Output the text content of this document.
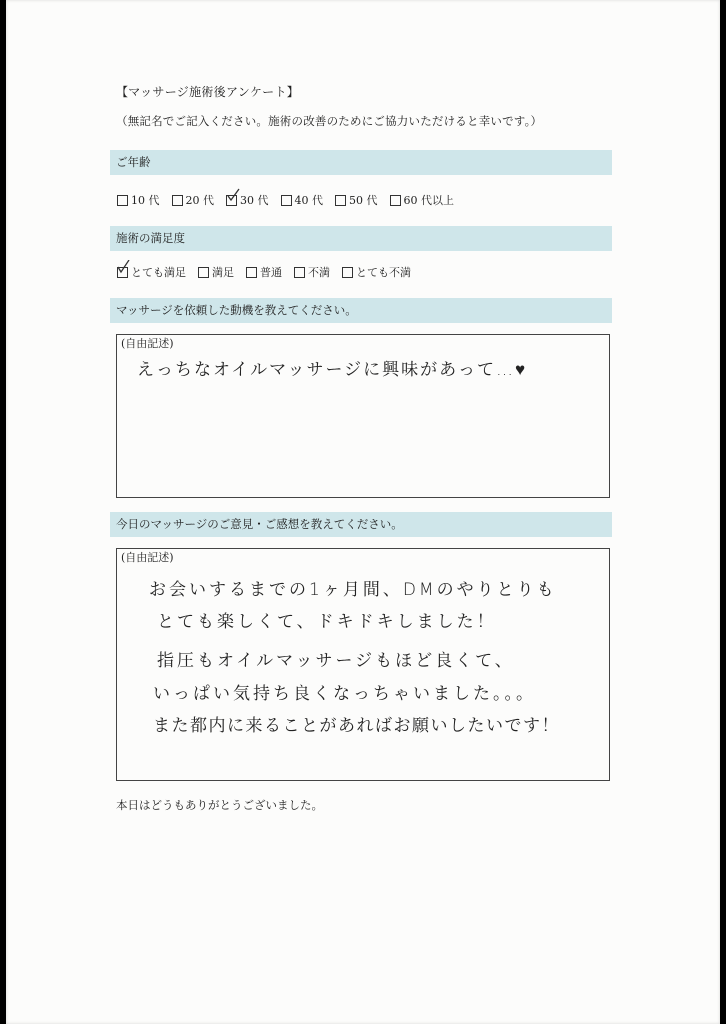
【マッサージ施術後アンケート】
（無記名でご記入ください。施術の改善のためにご協力いただけると幸いです。）
ご年齢
10 代 20 代 30 代 40 代 50 代 60 代以上
施術の満足度
とても満足 満足 普通 不満 とても不満
マッサージを依頼した動機を教えてください。
(自由記述)
えっちなオイルマッサージに興味があって…♥
今日のマッサージのご意見・ご感想を教えてください。
(自由記述)
お会いするまでの1ヶ月間、DMのやりとりも
とても楽しくて、ドキドキしました！
指圧もオイルマッサージもほど良くて、
いっぱい気持ち良くなっちゃいました。。。
また都内に来ることがあればお願いしたいです！
本日はどうもありがとうございました。
